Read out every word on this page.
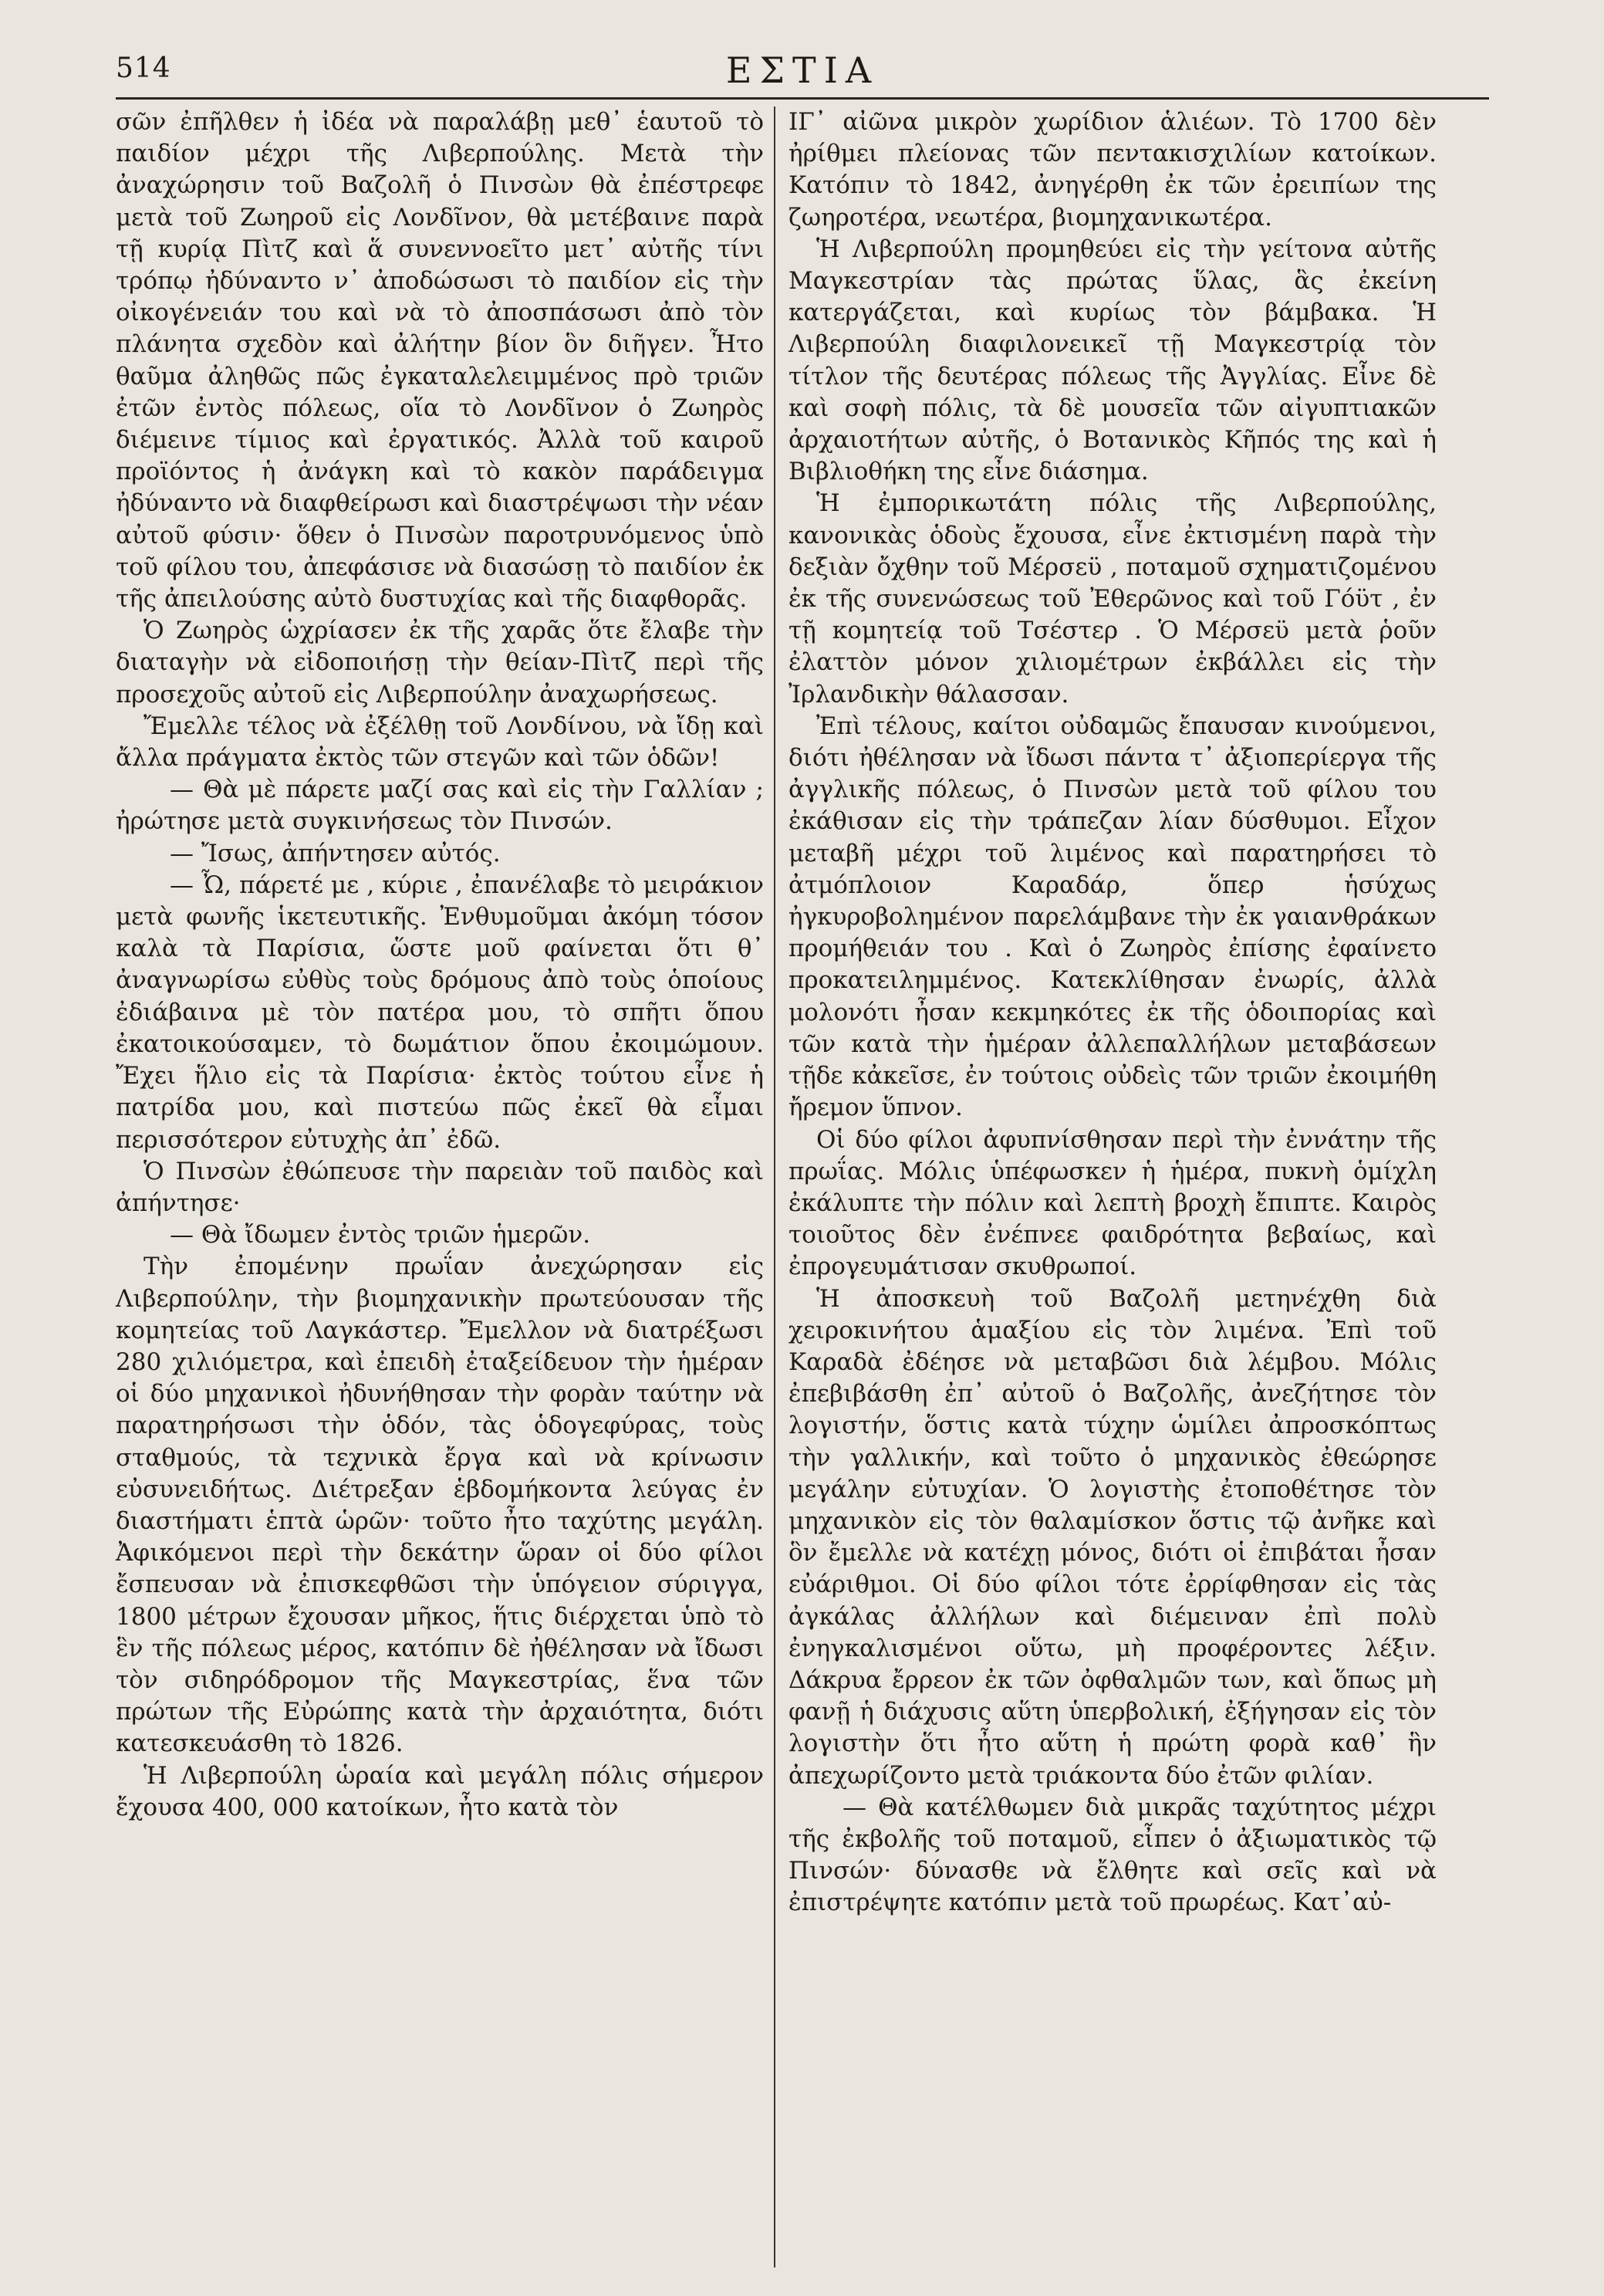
514	ΕΣΤΙΑ

σῶν ἐπῆλθεν ἡ ἰδέα νὰ παραλάβῃ μεθ᾽ ἑαυτοῦ τὸ παιδίον μέχρι τῆς Λιβερπούλης. Μετὰ τὴν ἀναχώρησιν τοῦ Βαζολῆ ὁ Πινσὼν θὰ ἐπέστρεφε μετὰ τοῦ Ζωηροῦ εἰς Λονδῖνον, θὰ μετέβαινε παρὰ τῇ κυρίᾳ Πὶτζ καὶ ἅ συνεννοεῖτο μετ᾽ αὐτῆς τίνι τρόπῳ ἠδύναντο ν᾽ ἀποδώσωσι τὸ παιδίον εἰς τὴν οἰκογένειάν του καὶ νὰ τὸ ἀποσπάσωσι ἀπὸ τὸν πλάνητα σχεδὸν καὶ ἀλήτην βίον ὃν διῆγεν. Ἦτο θαῦμα ἀληθῶς πῶς ἐγκαταλελειμμένος πρὸ τριῶν ἐτῶν ἐντὸς πόλεως, οἵα τὸ Λονδῖνον ὁ Ζωηρὸς διέμεινε τίμιος καὶ ἐργατικός. Ἀλλὰ τοῦ καιροῦ προϊόντος ἡ ἀνάγκη καὶ τὸ κακὸν παράδειγμα ἠδύναντο νὰ διαφθείρωσι καὶ διαστρέψωσι τὴν νέαν αὐτοῦ φύσιν· ὅθεν ὁ Πινσὼν παροτρυνόμενος ὑπὸ τοῦ φίλου του, ἀπεφάσισε νὰ διασώσῃ τὸ παιδίον ἐκ τῆς ἀπειλούσης αὐτὸ δυστυχίας καὶ τῆς διαφθορᾶς.

Ὁ Ζωηρὸς ὡχρίασεν ἐκ τῆς χαρᾶς ὅτε ἔλαβε τὴν διαταγὴν νὰ εἰδοποιήσῃ τὴν θείαν-Πὶτζ περὶ τῆς προσεχοῦς αὐτοῦ εἰς Λιβερπούλην ἀναχωρήσεως.

Ἔμελλε τέλος νὰ ἐξέλθῃ τοῦ Λονδίνου, νὰ ἴδῃ καὶ ἄλλα πράγματα ἐκτὸς τῶν στεγῶν καὶ τῶν ὁδῶν!

— Θὰ μὲ πάρετε μαζί σας καὶ εἰς τὴν Γαλλίαν ; ἠρώτησε μετὰ συγκινήσεως τὸν Πινσών.

— Ἴσως, ἀπήντησεν αὐτός.

— Ὦ, πάρετέ με , κύριε , ἐπανέλαβε τὸ μειράκιον μετὰ φωνῆς ἱκετευτικῆς. Ἐνθυμοῦμαι ἀκόμη τόσον καλὰ τὰ Παρίσια, ὥστε μοῦ φαίνεται ὅτι θ᾽ ἀναγνωρίσω εὐθὺς τοὺς δρόμους ἀπὸ τοὺς ὁποίους ἐδιάβαινα μὲ τὸν πατέρα μου, τὸ σπῆτι ὅπου ἐκατοικούσαμεν, τὸ δωμάτιον ὅπου ἐκοιμώμουν. Ἔχει ἥλιο εἰς τὰ Παρίσια· ἐκτὸς τούτου εἶνε ἡ πατρίδα μου, καὶ πιστεύω πῶς ἐκεῖ θὰ εἶμαι περισσότερον εὐτυχὴς ἀπ᾽ ἐδῶ.

Ὁ Πινσὼν ἐθώπευσε τὴν παρειὰν τοῦ παιδὸς καὶ ἀπήντησε·

— Θὰ ἴδωμεν ἐντὸς τριῶν ἡμερῶν.

Τὴν ἐπομένην πρωΐαν ἀνεχώρησαν εἰς Λιβερπούλην, τὴν βιομηχανικὴν πρωτεύουσαν τῆς κομητείας τοῦ Λαγκάστερ. Ἔμελλον νὰ διατρέξωσι 280 χιλιόμετρα, καὶ ἐπειδὴ ἐταξείδευον τὴν ἡμέραν οἱ δύο μηχανικοὶ ἠδυνήθησαν τὴν φορὰν ταύτην νὰ παρατηρήσωσι τὴν ὁδόν, τὰς ὁδογεφύρας, τοὺς σταθμούς, τὰ τεχνικὰ ἔργα καὶ νὰ κρίνωσιν εὐσυνειδήτως. Διέτρεξαν ἑβδομήκοντα λεύγας ἐν διαστήματι ἑπτὰ ὡρῶν· τοῦτο ἦτο ταχύτης μεγάλη. Ἀφικόμενοι περὶ τὴν δεκάτην ὥραν οἱ δύο φίλοι ἔσπευσαν νὰ ἐπισκεφθῶσι τὴν ὑπόγειον σύριγγα, 1800 μέτρων ἔχουσαν μῆκος, ἥτις διέρχεται ὑπὸ τὸ ἓν τῆς πόλεως μέρος, κατόπιν δὲ ἠθέλησαν νὰ ἴδωσι τὸν σιδηρόδρομον τῆς Μαγκεστρίας, ἕνα τῶν πρώτων τῆς Εὐρώπης κατὰ τὴν ἀρχαιότητα, διότι κατεσκευάσθη τὸ 1826.

Ἡ Λιβερπούλη ὡραία καὶ μεγάλη πόλις σήμερον ἔχουσα 400, 000 κατοίκων, ἦτο κατὰ τὸν

ΙΓ᾽ αἰῶνα μικρὸν χωρίδιον ἁλιέων. Τὸ 1700 δὲν ἠρίθμει πλείονας τῶν πεντακισχιλίων κατοίκων. Κατόπιν τὸ 1842, ἀνηγέρθη ἐκ τῶν ἐρειπίων της ζωηροτέρα, νεωτέρα, βιομηχανικωτέρα.

Ἡ Λιβερπούλη προμηθεύει εἰς τὴν γείτονα αὐτῆς Μαγκεστρίαν τὰς πρώτας ὕλας, ἃς ἐκείνη κατεργάζεται, καὶ κυρίως τὸν βάμβακα. Ἡ Λιβερπούλη διαφιλονεικεῖ τῇ Μαγκεστρίᾳ τὸν τίτλον τῆς δευτέρας πόλεως τῆς Ἀγγλίας. Εἶνε δὲ καὶ σοφὴ πόλις, τὰ δὲ μουσεῖα τῶν αἰγυπτιακῶν ἀρχαιοτήτων αὐτῆς, ὁ Βοτανικὸς Κῆπός της καὶ ἡ Βιβλιοθήκη της εἶνε διάσημα.

Ἡ ἐμπορικωτάτη πόλις τῆς Λιβερπούλης, κανονικὰς ὁδοὺς ἔχουσα, εἶνε ἐκτισμένη παρὰ τὴν δεξιὰν ὄχθην τοῦ Μέρσεϋ , ποταμοῦ σχηματιζομένου ἐκ τῆς συνενώσεως τοῦ Ἐθερῶνος καὶ τοῦ Γόϋτ , ἐν τῇ κομητείᾳ τοῦ Τσέστερ . Ὁ Μέρσεϋ μετὰ ῥοῦν ἐλαττὸν μόνον χιλιομέτρων ἐκβάλλει εἰς τὴν Ἰρλανδικὴν θάλασσαν.

Ἐπὶ τέλους, καίτοι οὐδαμῶς ἔπαυσαν κινούμενοι, διότι ἠθέλησαν νὰ ἴδωσι πάντα τ᾽ ἀξιοπερίεργα τῆς ἀγγλικῆς πόλεως, ὁ Πινσὼν μετὰ τοῦ φίλου του ἐκάθισαν εἰς τὴν τράπεζαν λίαν δύσθυμοι. Εἶχον μεταβῆ μέχρι τοῦ λιμένος καὶ παρατηρήσει τὸ ἀτμόπλοιον Καραδάρ, ὅπερ ἡσύχως ἠγκυροβολημένον παρελάμβανε τὴν ἐκ γαιανθράκων προμήθειάν του . Καὶ ὁ Ζωηρὸς ἐπίσης ἐφαίνετο προκατειλημμένος. Κατεκλίθησαν ἐνωρίς, ἀλλὰ μολονότι ἦσαν κεκμηκότες ἐκ τῆς ὁδοιπορίας καὶ τῶν κατὰ τὴν ἡμέραν ἀλλεπαλλήλων μεταβάσεων τῇδε κἀκεῖσε, ἐν τούτοις οὐδεὶς τῶν τριῶν ἐκοιμήθη ἤρεμον ὕπνον.

Οἱ δύο φίλοι ἀφυπνίσθησαν περὶ τὴν ἐννάτην τῆς πρωΐας. Μόλις ὑπέφωσκεν ἡ ἡμέρα, πυκνὴ ὁμίχλη ἐκάλυπτε τὴν πόλιν καὶ λεπτὴ βροχὴ ἔπιπτε. Καιρὸς τοιοῦτος δὲν ἐνέπνεε φαιδρότητα βεβαίως, καὶ ἐπρογευμάτισαν σκυθρωποί.

Ἡ ἀποσκευὴ τοῦ Βαζολῆ μετηνέχθη διὰ χειροκινήτου ἁμαξίου εἰς τὸν λιμένα. Ἐπὶ τοῦ Καραδὰ ἐδέησε νὰ μεταβῶσι διὰ λέμβου. Μόλις ἐπεβιβάσθη ἐπ᾽ αὐτοῦ ὁ Βαζολῆς, ἀνεζήτησε τὸν λογιστήν, ὅστις κατὰ τύχην ὡμίλει ἀπροσκόπτως τὴν γαλλικήν, καὶ τοῦτο ὁ μηχανικὸς ἐθεώρησε μεγάλην εὐτυχίαν. Ὁ λογιστὴς ἐτοποθέτησε τὸν μηχανικὸν εἰς τὸν θαλαμίσκον ὅστις τῷ ἀνῆκε καὶ ὃν ἔμελλε νὰ κατέχῃ μόνος, διότι οἱ ἐπιβάται ἦσαν εὐάριθμοι. Οἱ δύο φίλοι τότε ἐρρίφθησαν εἰς τὰς ἀγκάλας ἀλλήλων καὶ διέμειναν ἐπὶ πολὺ ἐνηγκαλισμένοι οὕτω, μὴ προφέροντες λέξιν. Δάκρυα ἔρρεον ἐκ τῶν ὀφθαλμῶν των, καὶ ὅπως μὴ φανῇ ἡ διάχυσις αὕτη ὑπερβολική, ἐξήγησαν εἰς τὸν λογιστὴν ὅτι ἦτο αὕτη ἡ πρώτη φορὰ καθ᾽ ἣν ἀπεχωρίζοντο μετὰ τριάκοντα δύο ἐτῶν φιλίαν.

— Θὰ κατέλθωμεν διὰ μικρᾶς ταχύτητος μέχρι τῆς ἐκβολῆς τοῦ ποταμοῦ, εἶπεν ὁ ἀξιωματικὸς τῷ Πινσών· δύνασθε νὰ ἔλθητε καὶ σεῖς καὶ νὰ ἐπιστρέψητε κατόπιν μετὰ τοῦ πρωρέως. Κατ᾽αὐ-
